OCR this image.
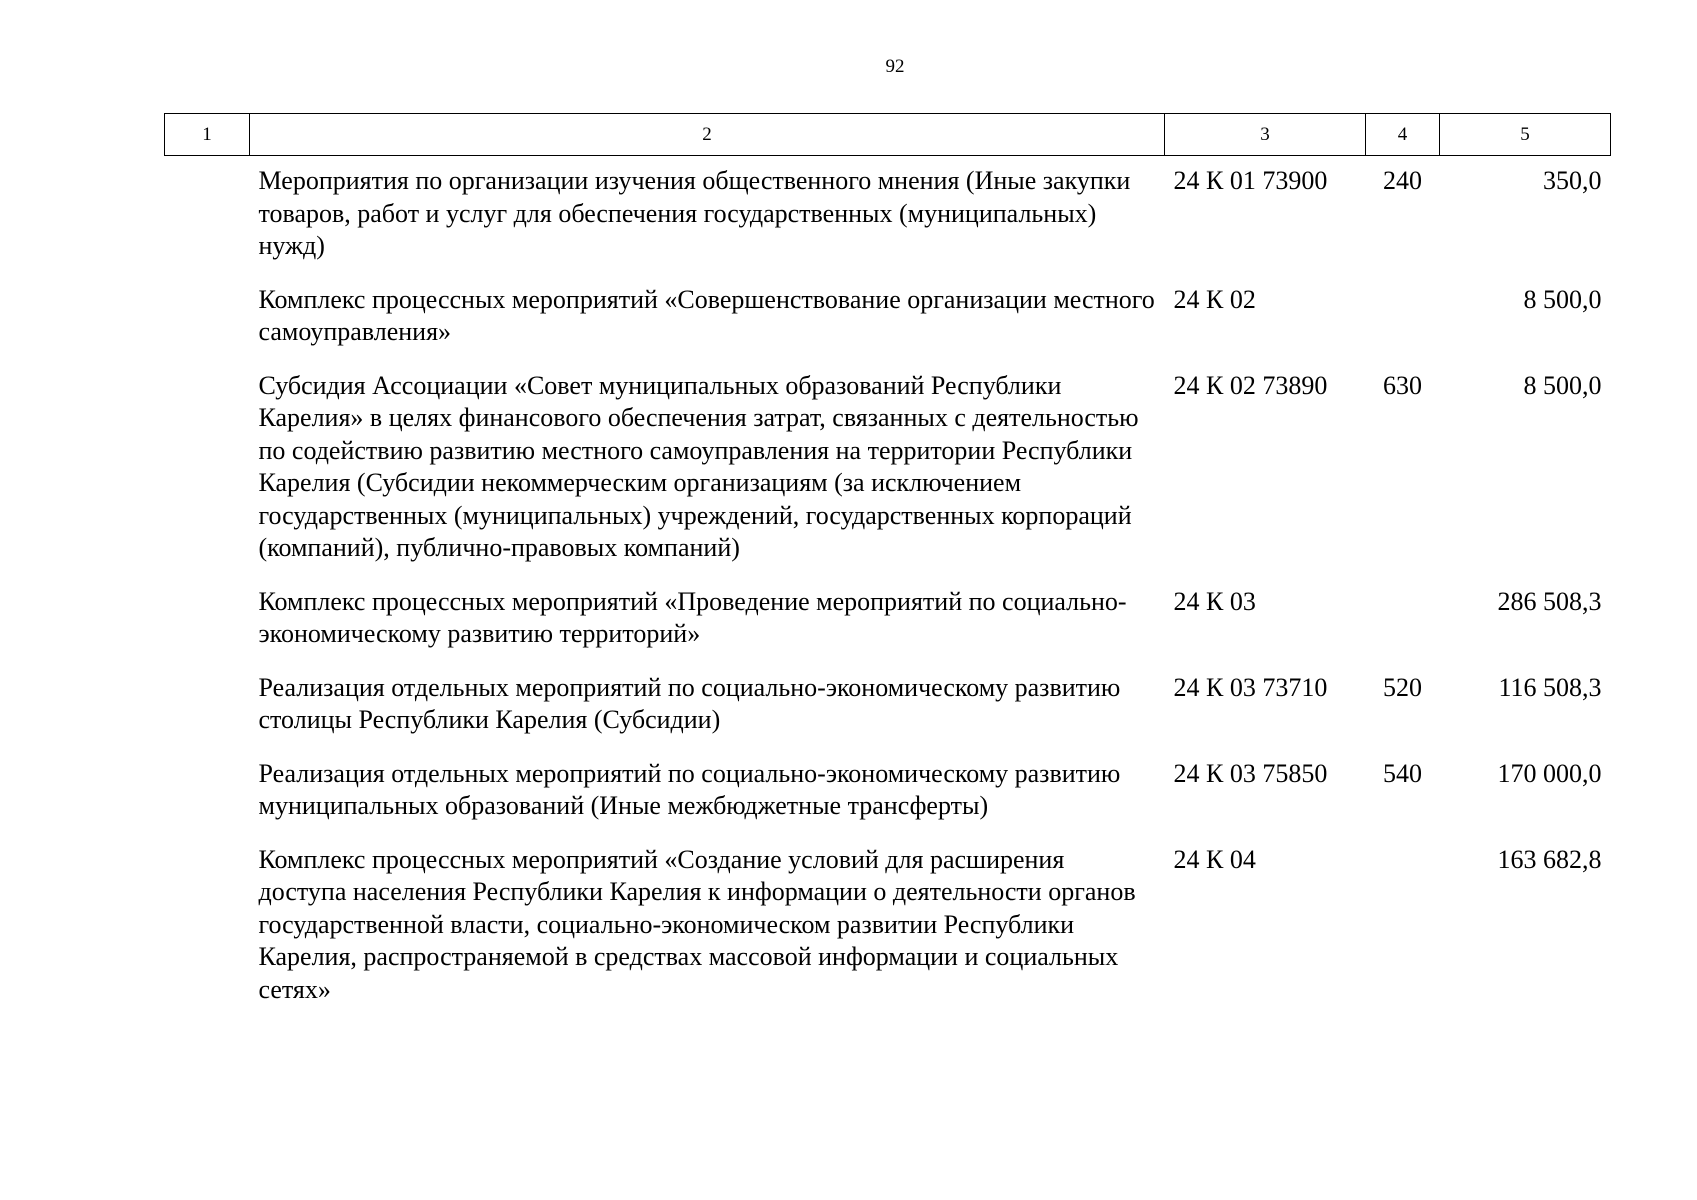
92
1	2	3	4	5
	Мероприятия по организации изучения общественного мнения (Иные закупки товаров, работ и услуг для обеспечения государственных (муниципальных) нужд)	24 К 01 73900	240	350,0
	Комплекс процессных мероприятий «Совершенствование организации местного самоуправления»	24 К 02		8 500,0
	Субсидия Ассоциации «Совет муниципальных образований Республики Карелия» в целях финансового обеспечения затрат, связанных с деятельностью по содействию развитию местного самоуправления на территории Республики Карелия (Субсидии некоммерческим организациям (за исключением государственных (муниципальных) учреждений, государственных корпораций (компаний), публично-правовых компаний)	24 К 02 73890	630	8 500,0
	Комплекс процессных мероприятий «Проведение мероприятий по социально-экономическому развитию территорий»	24 К 03		286 508,3
	Реализация отдельных мероприятий по социально-экономическому развитию столицы Республики Карелия (Субсидии)	24 К 03 73710	520	116 508,3
	Реализация отдельных мероприятий по социально-экономическому развитию муниципальных образований (Иные межбюджетные трансферты)	24 К 03 75850	540	170 000,0
	Комплекс процессных мероприятий «Создание условий для расширения доступа населения Республики Карелия к информации о деятельности органов государственной власти, социально-экономическом развитии Республики Карелия, распространяемой в средствах массовой информации и социальных сетях»	24 К 04		163 682,8
